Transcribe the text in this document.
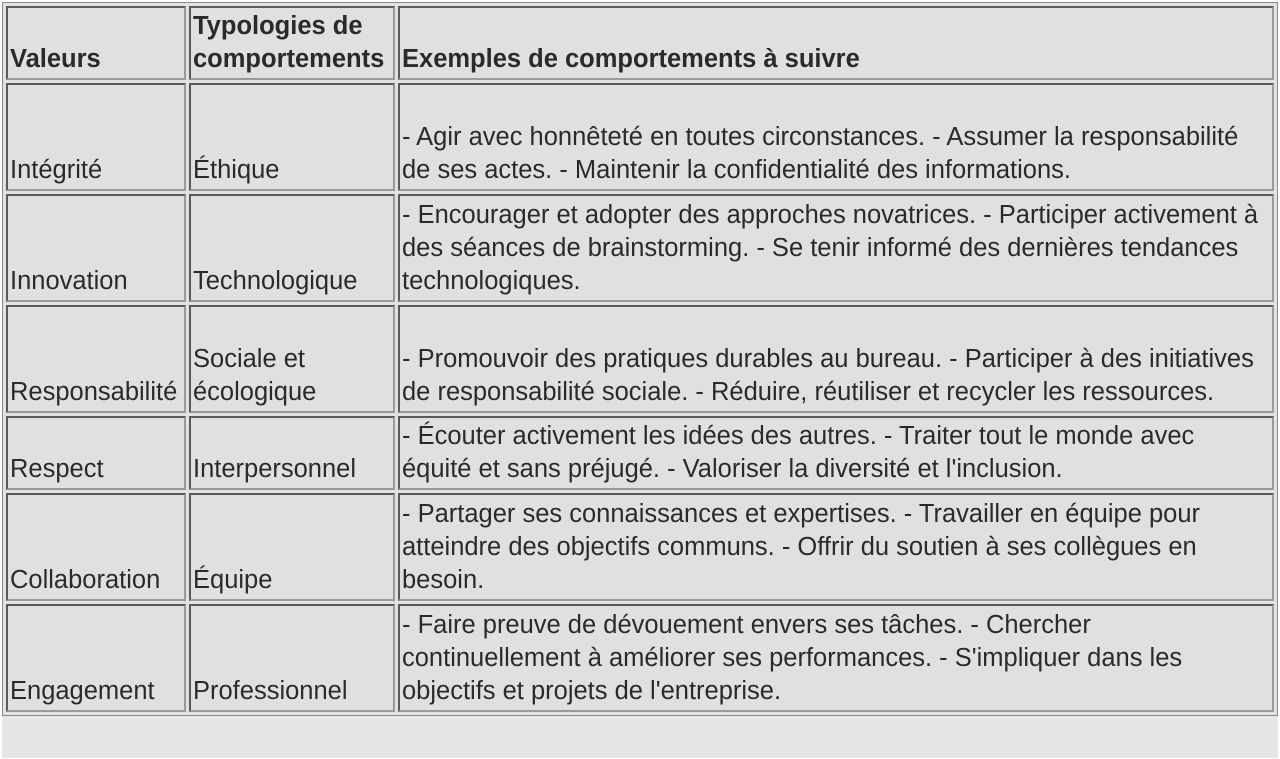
Valeurs	Typologies de comportements	Exemples de comportements à suivre
Intégrité	Éthique	- Agir avec honnêteté en toutes circonstances. - Assumer la responsabilité de ses actes. - Maintenir la confidentialité des informations.
Innovation	Technologique	- Encourager et adopter des approches novatrices. - Participer activement à des séances de brainstorming. - Se tenir informé des dernières tendances technologiques.
Responsabilité	Sociale et écologique	- Promouvoir des pratiques durables au bureau. - Participer à des initiatives de responsabilité sociale. - Réduire, réutiliser et recycler les ressources.
Respect	Interpersonnel	- Écouter activement les idées des autres. - Traiter tout le monde avec équité et sans préjugé. - Valoriser la diversité et l'inclusion.
Collaboration	Équipe	- Partager ses connaissances et expertises. - Travailler en équipe pour atteindre des objectifs communs. - Offrir du soutien à ses collègues en besoin.
Engagement	Professionnel	- Faire preuve de dévouement envers ses tâches. - Chercher continuellement à améliorer ses performances. - S'impliquer dans les objectifs et projets de l'entreprise.
